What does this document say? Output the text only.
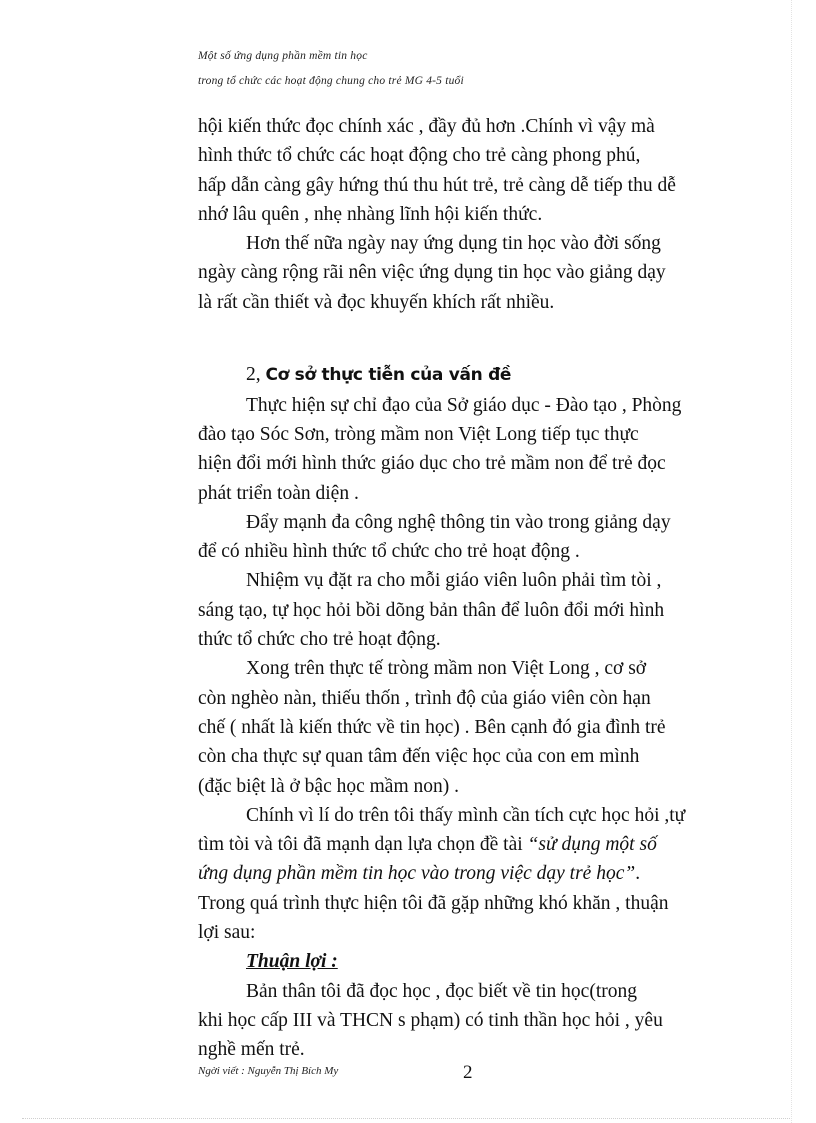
Một số ứng dụng phần mềm tin học
trong tổ chức các hoạt động chung cho trẻ MG 4-5 tuổi

hội kiến thức đọc chính xác , đầy đủ hơn .Chính vì vậy mà

hình thức tổ chức các hoạt động cho trẻ càng phong phú,

hấp dẫn càng gây hứng thú thu hút trẻ, trẻ càng dễ tiếp thu dễ

nhớ lâu quên , nhẹ nhàng lĩnh hội kiến thức.

Hơn thế nữa ngày nay ứng dụng tin học vào đời sống

ngày càng rộng rãi nên việc ứng dụng tin học vào giảng dạy

là rất cần thiết và đọc khuyến khích rất nhiều.

2, Cơ sở thực tiễn của vấn đề

Thực hiện sự chỉ đạo của Sở giáo dục - Đào tạo , Phòng

đào tạo Sóc Sơn, tròng mầm non Việt Long tiếp tục thực

hiện đổi mới hình thức giáo dục cho trẻ mầm non để trẻ đọc

phát triển toàn diện .

Đẩy mạnh đa công nghệ thông tin vào trong giảng dạy

để có nhiều hình thức tổ chức cho trẻ hoạt động .

Nhiệm vụ đặt ra cho mỗi giáo viên luôn phải tìm tòi ,

sáng tạo, tự học hỏi bồi dõng bản thân để luôn đổi mới hình

thức tổ chức cho trẻ hoạt động.

Xong trên thực tế tròng mầm non Việt Long , cơ sở

còn nghèo nàn, thiếu thốn , trình độ của giáo viên còn hạn

chế ( nhất là kiến thức về tin học) . Bên cạnh đó gia đình trẻ

còn cha thực sự quan tâm đến việc học của con em mình

(đặc biệt là ở bậc học mầm non) .

Chính vì lí do trên tôi thấy mình cần tích cực học hỏi ,tự

tìm tòi và tôi đã mạnh dạn lựa chọn đề tài “sử dụng một số

ứng dụng phần mềm tin học vào trong việc dạy trẻ học”.

Trong quá trình thực hiện tôi đã gặp những khó khăn , thuận

lợi sau:

Thuận lợi :

Bản thân tôi đã đọc học , đọc biết về tin học(trong

khi học cấp III và THCN s phạm) có tinh thần học hỏi , yêu

nghề mến trẻ.

Ngời viết : Nguyễn Thị Bích My	2
